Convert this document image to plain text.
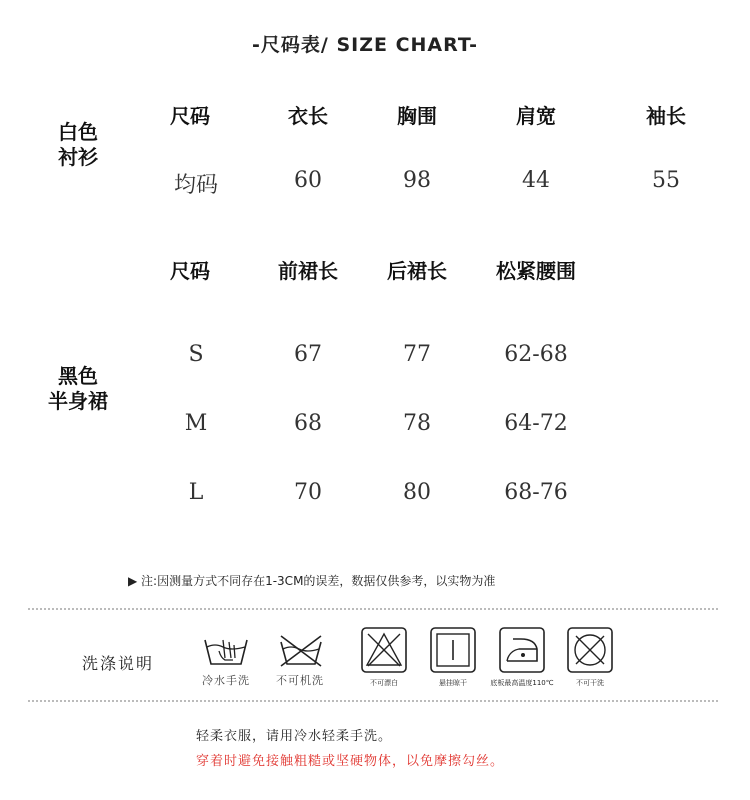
-尺码表/ SIZE CHART-
白色
衬衫
尺码	衣长	胸围	肩宽	袖长
均码	60	98	44	55
黑色
半身裙
尺码	前裙长	后裙长	松紧腰围
S	67	77	62-68
M	68	78	64-72
L	70	80	68-76
▶ 注:因测量方式不同存在1-3CM的误差，数据仅供参考，以实物为准
洗涤说明
冷水手洗	不可机洗	不可漂白	悬挂晾干	底板最高温度110℃	不可干洗
轻柔衣服，请用冷水轻柔手洗。
穿着时避免接触粗糙或坚硬物体，以免摩擦勾丝。
